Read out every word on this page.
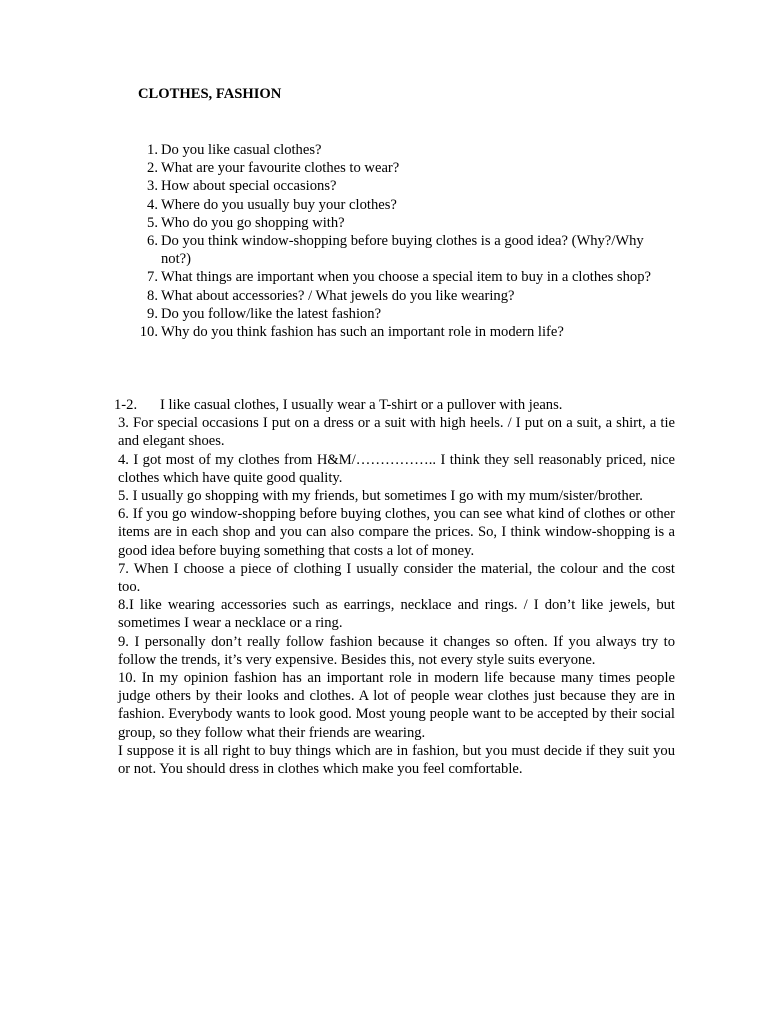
CLOTHES, FASHION
1. Do you like casual clothes?
2. What are your favourite clothes to wear?
3. How about special occasions?
4. Where do you usually buy your clothes?
5. Who do you go shopping with?
6. Do you think window-shopping before buying clothes is a good idea? (Why?/Why not?)
7. What things are important when you choose a special item to buy in a clothes shop?
8. What about accessories? / What jewels do you like wearing?
9. Do you follow/like the latest fashion?
10. Why do you think fashion has such an important role in modern life?

1-2. I like casual clothes, I usually wear a T-shirt or a pullover with jeans.

3. For special occasions I put on a dress or a suit with high heels. / I put on a suit, a shirt, a tie and elegant shoes.

4. I got most of my clothes from H&M/…………….. I think they sell reasonably priced, nice clothes which have quite good quality.

5. I usually go shopping with my friends, but sometimes I go with my mum/sister/brother.

6. If you go window-shopping before buying clothes, you can see what kind of clothes or other items are in each shop and you can also compare the prices. So, I think window-shopping is a good idea before buying something that costs a lot of money.

7. When I choose a piece of clothing I usually consider the material, the colour and the cost too.

8.I like wearing accessories such as earrings, necklace and rings. / I don’t like jewels, but sometimes I wear a necklace or a ring.

9. I personally don’t really follow fashion because it changes so often. If you always try to follow the trends, it’s very expensive. Besides this, not every style suits everyone.

10. In my opinion fashion has an important role in modern life because many times people judge others by their looks and clothes. A lot of people wear clothes just because they are in fashion. Everybody wants to look good. Most young people want to be accepted by their social group, so they follow what their friends are wearing.

I suppose it is all right to buy things which are in fashion, but you must decide if they suit you or not. You should dress in clothes which make you feel comfortable.
